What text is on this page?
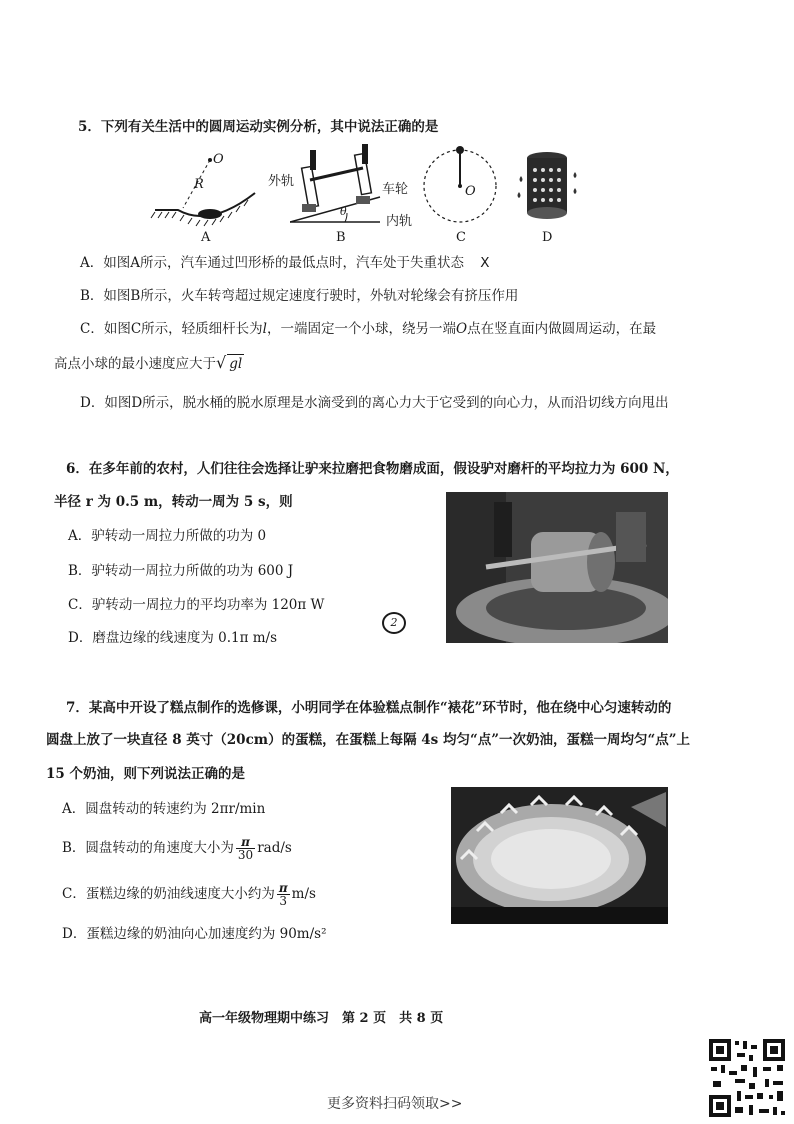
5．下列有关生活中的圆周运动实例分析，其中说法正确的是
O
R
A
外轨
车轮
内轨
θ
B
O
C	D
A．如图A所示，汽车通过凹形桥的最低点时，汽车处于失重状态 X
B．如图B所示，火车转弯超过规定速度行驶时，外轨对轮缘会有挤压作用
C．如图C所示，轻质细杆长为l，一端固定一个小球，绕另一端O点在竖直面内做圆周运动，在最
高点小球的最小速度应大于√ gl
D．如图D所示，脱水桶的脱水原理是水滴受到的离心力大于它受到的向心力，从而沿切线方向甩出
6．在多年前的农村，人们往往会选择让驴来拉磨把食物磨成面，假设驴对磨杆的平均拉力为 600 N，
半径 r 为 0.5 m，转动一周为 5 s，则
A．驴转动一周拉力所做的功为 0
B．驴转动一周拉力所做的功为 600 J
C．驴转动一周拉力的平均功率为 120π W
D．磨盘边缘的线速度为 0.1π m/s
2
7．某高中开设了糕点制作的选修课，小明同学在体验糕点制作“裱花”环节时，他在绕中心匀速转动的
圆盘上放了一块直径 8 英寸（20cm）的蛋糕，在蛋糕上每隔 4s 均匀“点”一次奶油，蛋糕一周均匀“点”上
15 个奶油，则下列说法正确的是
A．圆盘转动的转速约为 2πr/min
B．圆盘转动的角速度大小为 $\frac{\pi}{30} rad/s$
C．蛋糕边缘的奶油线速度大小约为 $\frac{\pi}{3} m/s$
D．蛋糕边缘的奶油向心加速度约为 90m/s²
高一年级物理期中练习　第 2 页　共 8 页
更多资料扫码领取>>
